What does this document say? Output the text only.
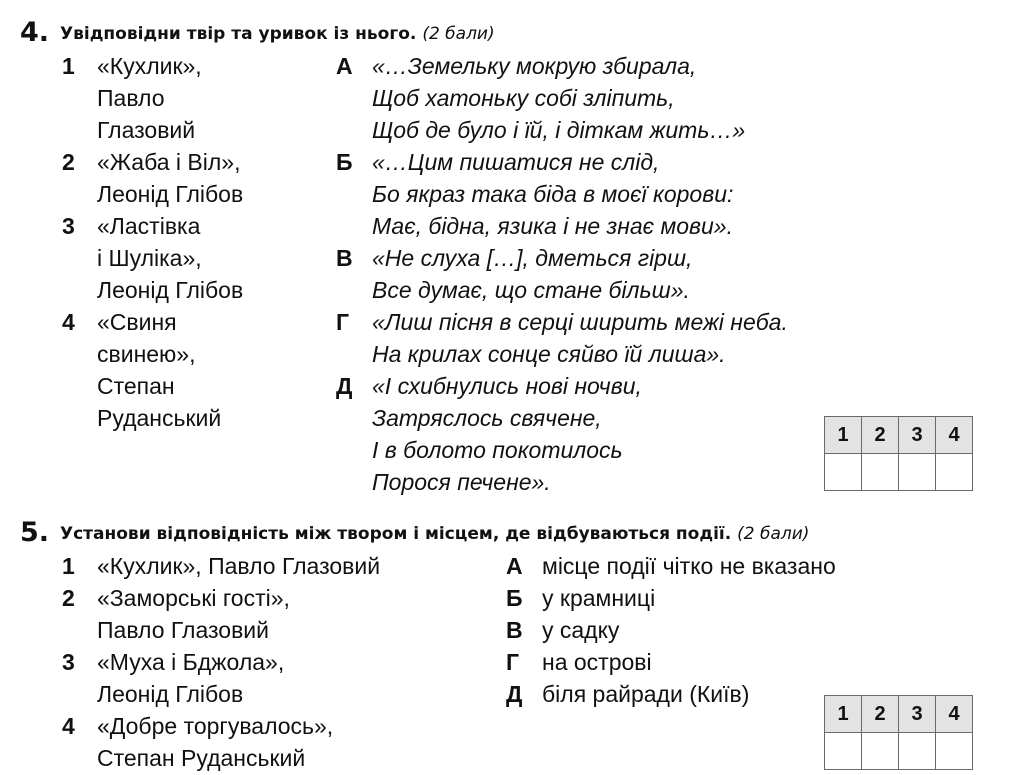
4. Увідповідни твір та уривок із нього. (2 бали)
1 «Кухлик»,
Павло
Глазовий
2 «Жаба і Віл»,
Леонід Глібов
3 «Ластівка
і Шуліка»,
Леонід Глібов
4 «Свиня
свинею»,
Степан
Руданський
А «…Земельку мокрую збирала,
Щоб хатоньку собі зліпить,
Щоб де було і їй, і діткам жить…»
Б «…Цим пишатися не слід,
Бо якраз така біда в моєї корови:
Має, бідна, язика і не знає мови».
В «Не слуха […], дметься гірш,
Все думає, що стане більш».
Г «Лиш пісня в серці ширить межі неба.
На крилах сонце сяйво їй лиша».
Д «І схибнулись нові ночви,
Затряслось свячене,
І в болото покотилось
Порося печене».
1	2	3	4

5. Установи відповідність між твором і місцем, де відбуваються події. (2 бали)
1 «Кухлик», Павло Глазовий
2 «Заморські гості»,
Павло Глазовий
3 «Муха і Бджола»,
Леонід Глібов
4 «Добре торгувалось»,
Степан Руданський
А місце події чітко не вказано
Б у крамниці
В у садку
Г на острові
Д біля райради (Київ)
1	2	3	4
